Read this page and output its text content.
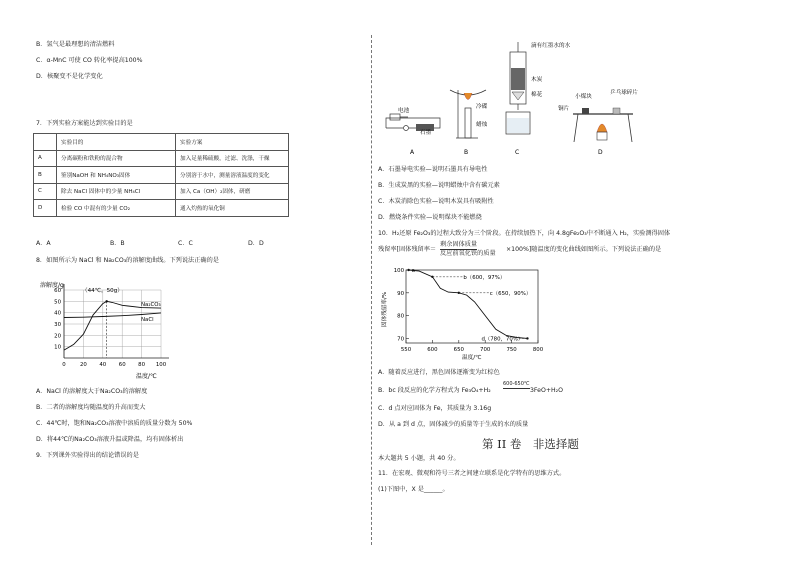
B．氢气是最理想的清洁燃料
C．α-MnC 可使 CO 转化率提高100%
D．核聚变不是化学变化
7．下列实验方案能达到实验目的是
	实验目的	实验方案
A	分离碳粉和铁粉的混合物	加入足量稀硫酸，过滤、洗涤，干燥
B	鉴别NaOH 和 NH₄NO₃固体	分别溶于水中，测量溶液温度的变化
C	除去 NaCl 固体中的少量 NH₄Cl	加入 Ca（OH）₂固体，研磨
D	检验 CO 中混有的少量 CO₂	通入灼热的氧化铜
A．A	B．B	C．C	D．D
8．如图所示为 NaCl 和 Na₂CO₃的溶解度曲线。下列说法正确的是
10
20
30
40
50
60
0	20 40 60 80 100
Na₂CO₃
NaCl
溶解度/g
温度/℃
（44℃，50g）
A．NaCl 的溶解度大于Na₂CO₃的溶解度
B．二者的溶解度均随温度的升高而变大
C．44℃时，饱和Na₂CO₃溶液中溶质的质量分数为 50%
D．将44℃的Na₂CO₃溶液升温或降温，均有固体析出
9．下列课外实验得出的结论错误的是
电池
石墨
A
冷碟
蜡烛
B
滴有红墨水的水
木炭
棉花
C
小煤块
乒乓球碎片
铜片
D
A．石墨导电实验—说明石墨具有导电性
B．生成炭黑的实验—说明蜡烛中含有碳元素
C．木炭消除色实验—说明木炭具有吸附性
D．燃烧条件实验—说明煤块不能燃烧
10．H₂还原 Fe₂O₃的过程大致分为三个阶段。在持续加热下，向 4.8gFe₂O₃中不断通入 H₂，实验测得固体
残留率[固体残留率＝
剩余固体质量
反应前氧化铁的质量
×100%]随温度的变化曲线如图所示。下列说法正确的是
70
80
90
100
550	600	650	700	750	800
a
b（600，97%）
c（650，90%）
d（780，70%）
固体残留率/%
温度/℃
A．随着反应进行，黑色固体逐渐变为红棕色
B．bc 段反应的化学方程式为 Fe₃O₄+H₂
600-650℃
3FeO+H₂O
C．d 点对应固体为 Fe，其质量为 3.16g
D．从 a 到 d 点，固体减少的质量等于生成的水的质量
第 II 卷　非选择题
本大题共 5 小题，共 40 分。
11．在宏观、微观和符号三者之间建立联系是化学特有的思维方式。
(1)下图中，X 是______。
